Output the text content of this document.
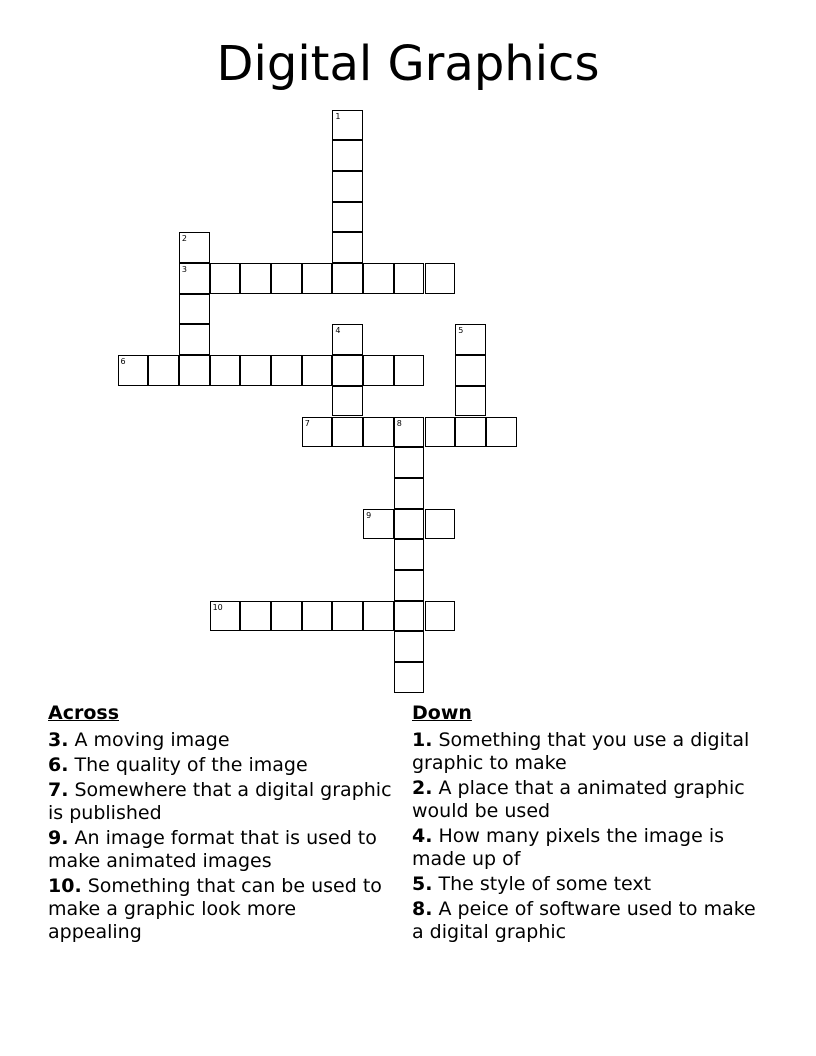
Digital Graphics
1
2
3
4	5
6
7	8
9
10
Across
3. A moving image
6. The quality of the image
7. Somewhere that a digital graphic is published
9. An image format that is used to make animated images
10. Something that can be used to make a graphic look more appealing
Down
1. Something that you use a digital graphic to make
2. A place that a animated graphic would be used
4. How many pixels the image is made up of
5. The style of some text
8. A peice of software used to make a digital graphic
